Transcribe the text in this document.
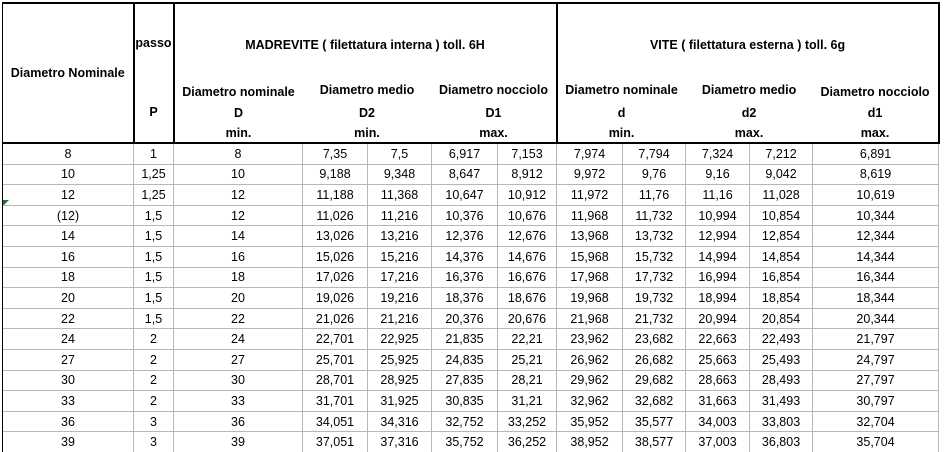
Diametro Nominale	passo	MADREVITE ( filettatura interna ) toll. 6H					VITE ( filettatura esterna ) toll. 6g				
	P	Diametro nominale	Diametro medio		Diametro nocciolo		Diametro nominale		Diametro medio		Diametro nocciolo
		D	D2		D1		d		d2		d1
		min.	min.		max.		min.		max.		max.
8	1	8	7,35	7,5	6,917	7,153	7,974	7,794	7,324	7,212	6,891
10	1,25	10	9,188	9,348	8,647	8,912	9,972	9,76	9,16	9,042	8,619
12	1,25	12	11,188	11,368	10,647	10,912	11,972	11,76	11,16	11,028	10,619
(12)	1,5	12	11,026	11,216	10,376	10,676	11,968	11,732	10,994	10,854	10,344
14	1,5	14	13,026	13,216	12,376	12,676	13,968	13,732	12,994	12,854	12,344
16	1,5	16	15,026	15,216	14,376	14,676	15,968	15,732	14,994	14,854	14,344
18	1,5	18	17,026	17,216	16,376	16,676	17,968	17,732	16,994	16,854	16,344
20	1,5	20	19,026	19,216	18,376	18,676	19,968	19,732	18,994	18,854	18,344
22	1,5	22	21,026	21,216	20,376	20,676	21,968	21,732	20,994	20,854	20,344
24	2	24	22,701	22,925	21,835	22,21	23,962	23,682	22,663	22,493	21,797
27	2	27	25,701	25,925	24,835	25,21	26,962	26,682	25,663	25,493	24,797
30	2	30	28,701	28,925	27,835	28,21	29,962	29,682	28,663	28,493	27,797
33	2	33	31,701	31,925	30,835	31,21	32,962	32,682	31,663	31,493	30,797
36	3	36	34,051	34,316	32,752	33,252	35,952	35,577	34,003	33,803	32,704
39	3	39	37,051	37,316	35,752	36,252	38,952	38,577	37,003	36,803	35,704
